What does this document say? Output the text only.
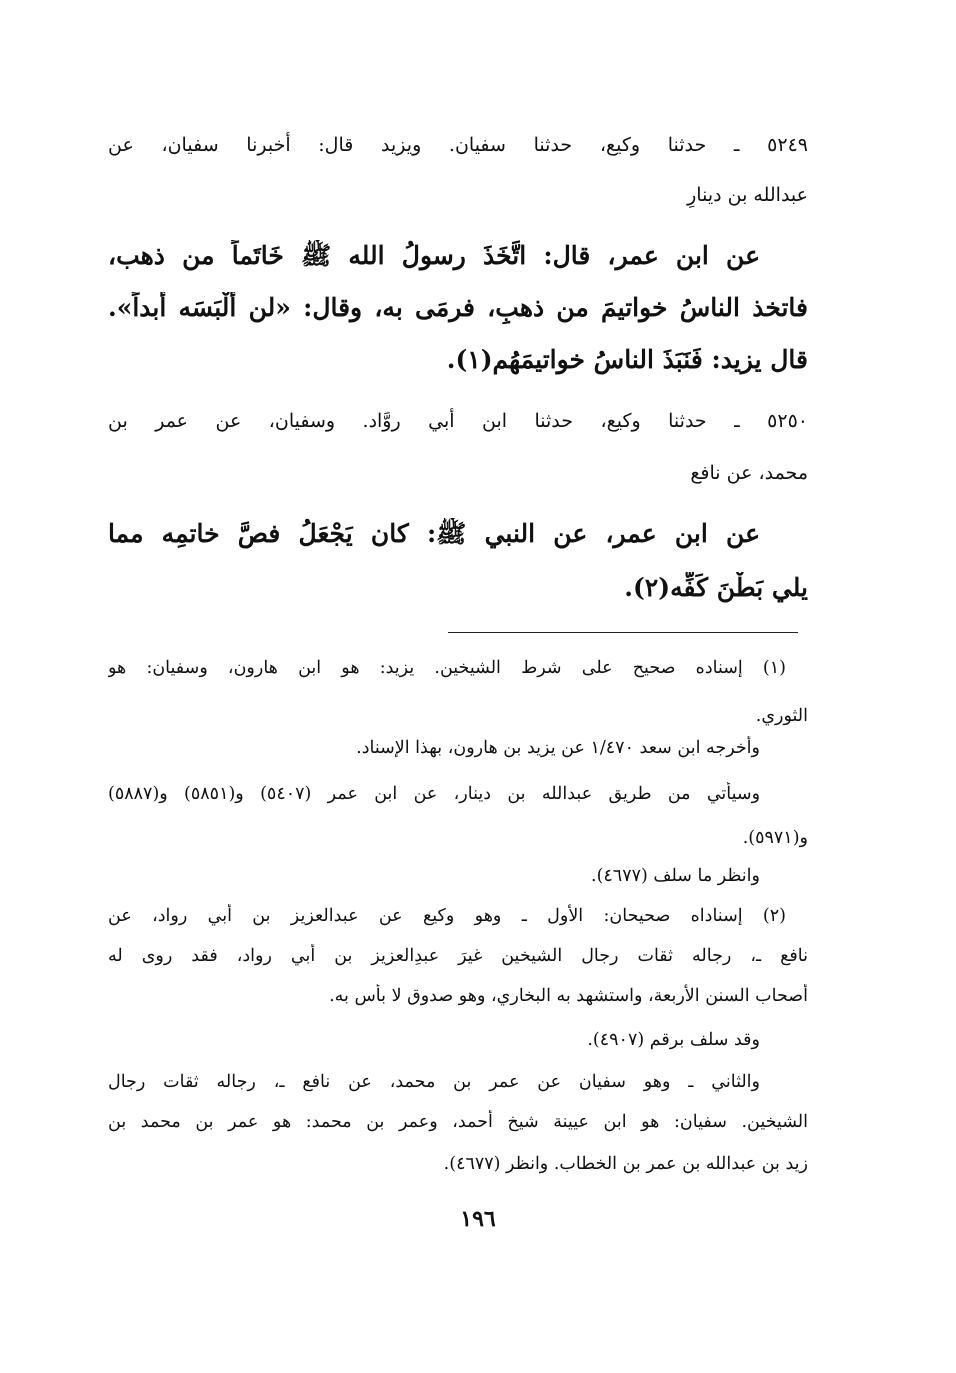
٥٢٤٩ ـ حدثنا وكيع، حدثنا سفيان. ويزيد قال: أخبرنا سفيان، عن
عبدالله بن دينارٍ
عن ابن عمر، قال: اتَّخَذَ رسولُ الله ﷺ خَاتَماً من ذهب،
فاتخذ الناسُ خواتيمَ من ذهبٍ، فرمَى به، وقال: «لن أَلْبَسَه أبداً».
قال يزيد: فَنَبَذَ الناسُ خواتيمَهُم(١).
٥٢٥٠ ـ حدثنا وكيع، حدثنا ابن أبي روَّاد. وسفيان، عن عمر بن
محمد، عن نافع
عن ابن عمر، عن النبي ﷺ: كان يَجْعَلُ فصَّ خاتمِه مما
يلي بَطْنَ كَفِّه(٢).
(١) إسناده صحيح على شرط الشيخين. يزيد: هو ابن هارون، وسفيان: هو
الثوري.
وأخرجه ابن سعد ١/٤٧٠ عن يزيد بن هارون، بهذا الإسناد.
وسيأتي من طريق عبدالله بن دينار، عن ابن عمر (٥٤٠٧) و(٥٨٥١) و(٥٨٨٧)
و(٥٩٧١).
وانظر ما سلف (٤٦٧٧).
(٢) إسناداه صحيحان: الأول ـ وهو وكيع عن عبدالعزيز بن أبي رواد، عن
نافع ـ، رجاله ثقات رجال الشيخين غيرَ عبدِالعزيز بن أبي رواد، فقد روى له
أصحاب السنن الأربعة، واستشهد به البخاري، وهو صدوق لا بأس به.
وقد سلف برقم (٤٩٠٧).
والثاني ـ وهو سفيان عن عمر بن محمد، عن نافع ـ، رجاله ثقات رجال
الشيخين. سفيان: هو ابن عيينة شيخ أحمد، وعمر بن محمد: هو عمر بن محمد بن
زيد بن عبدالله بن عمر بن الخطاب. وانظر (٤٦٧٧).
١٩٦
